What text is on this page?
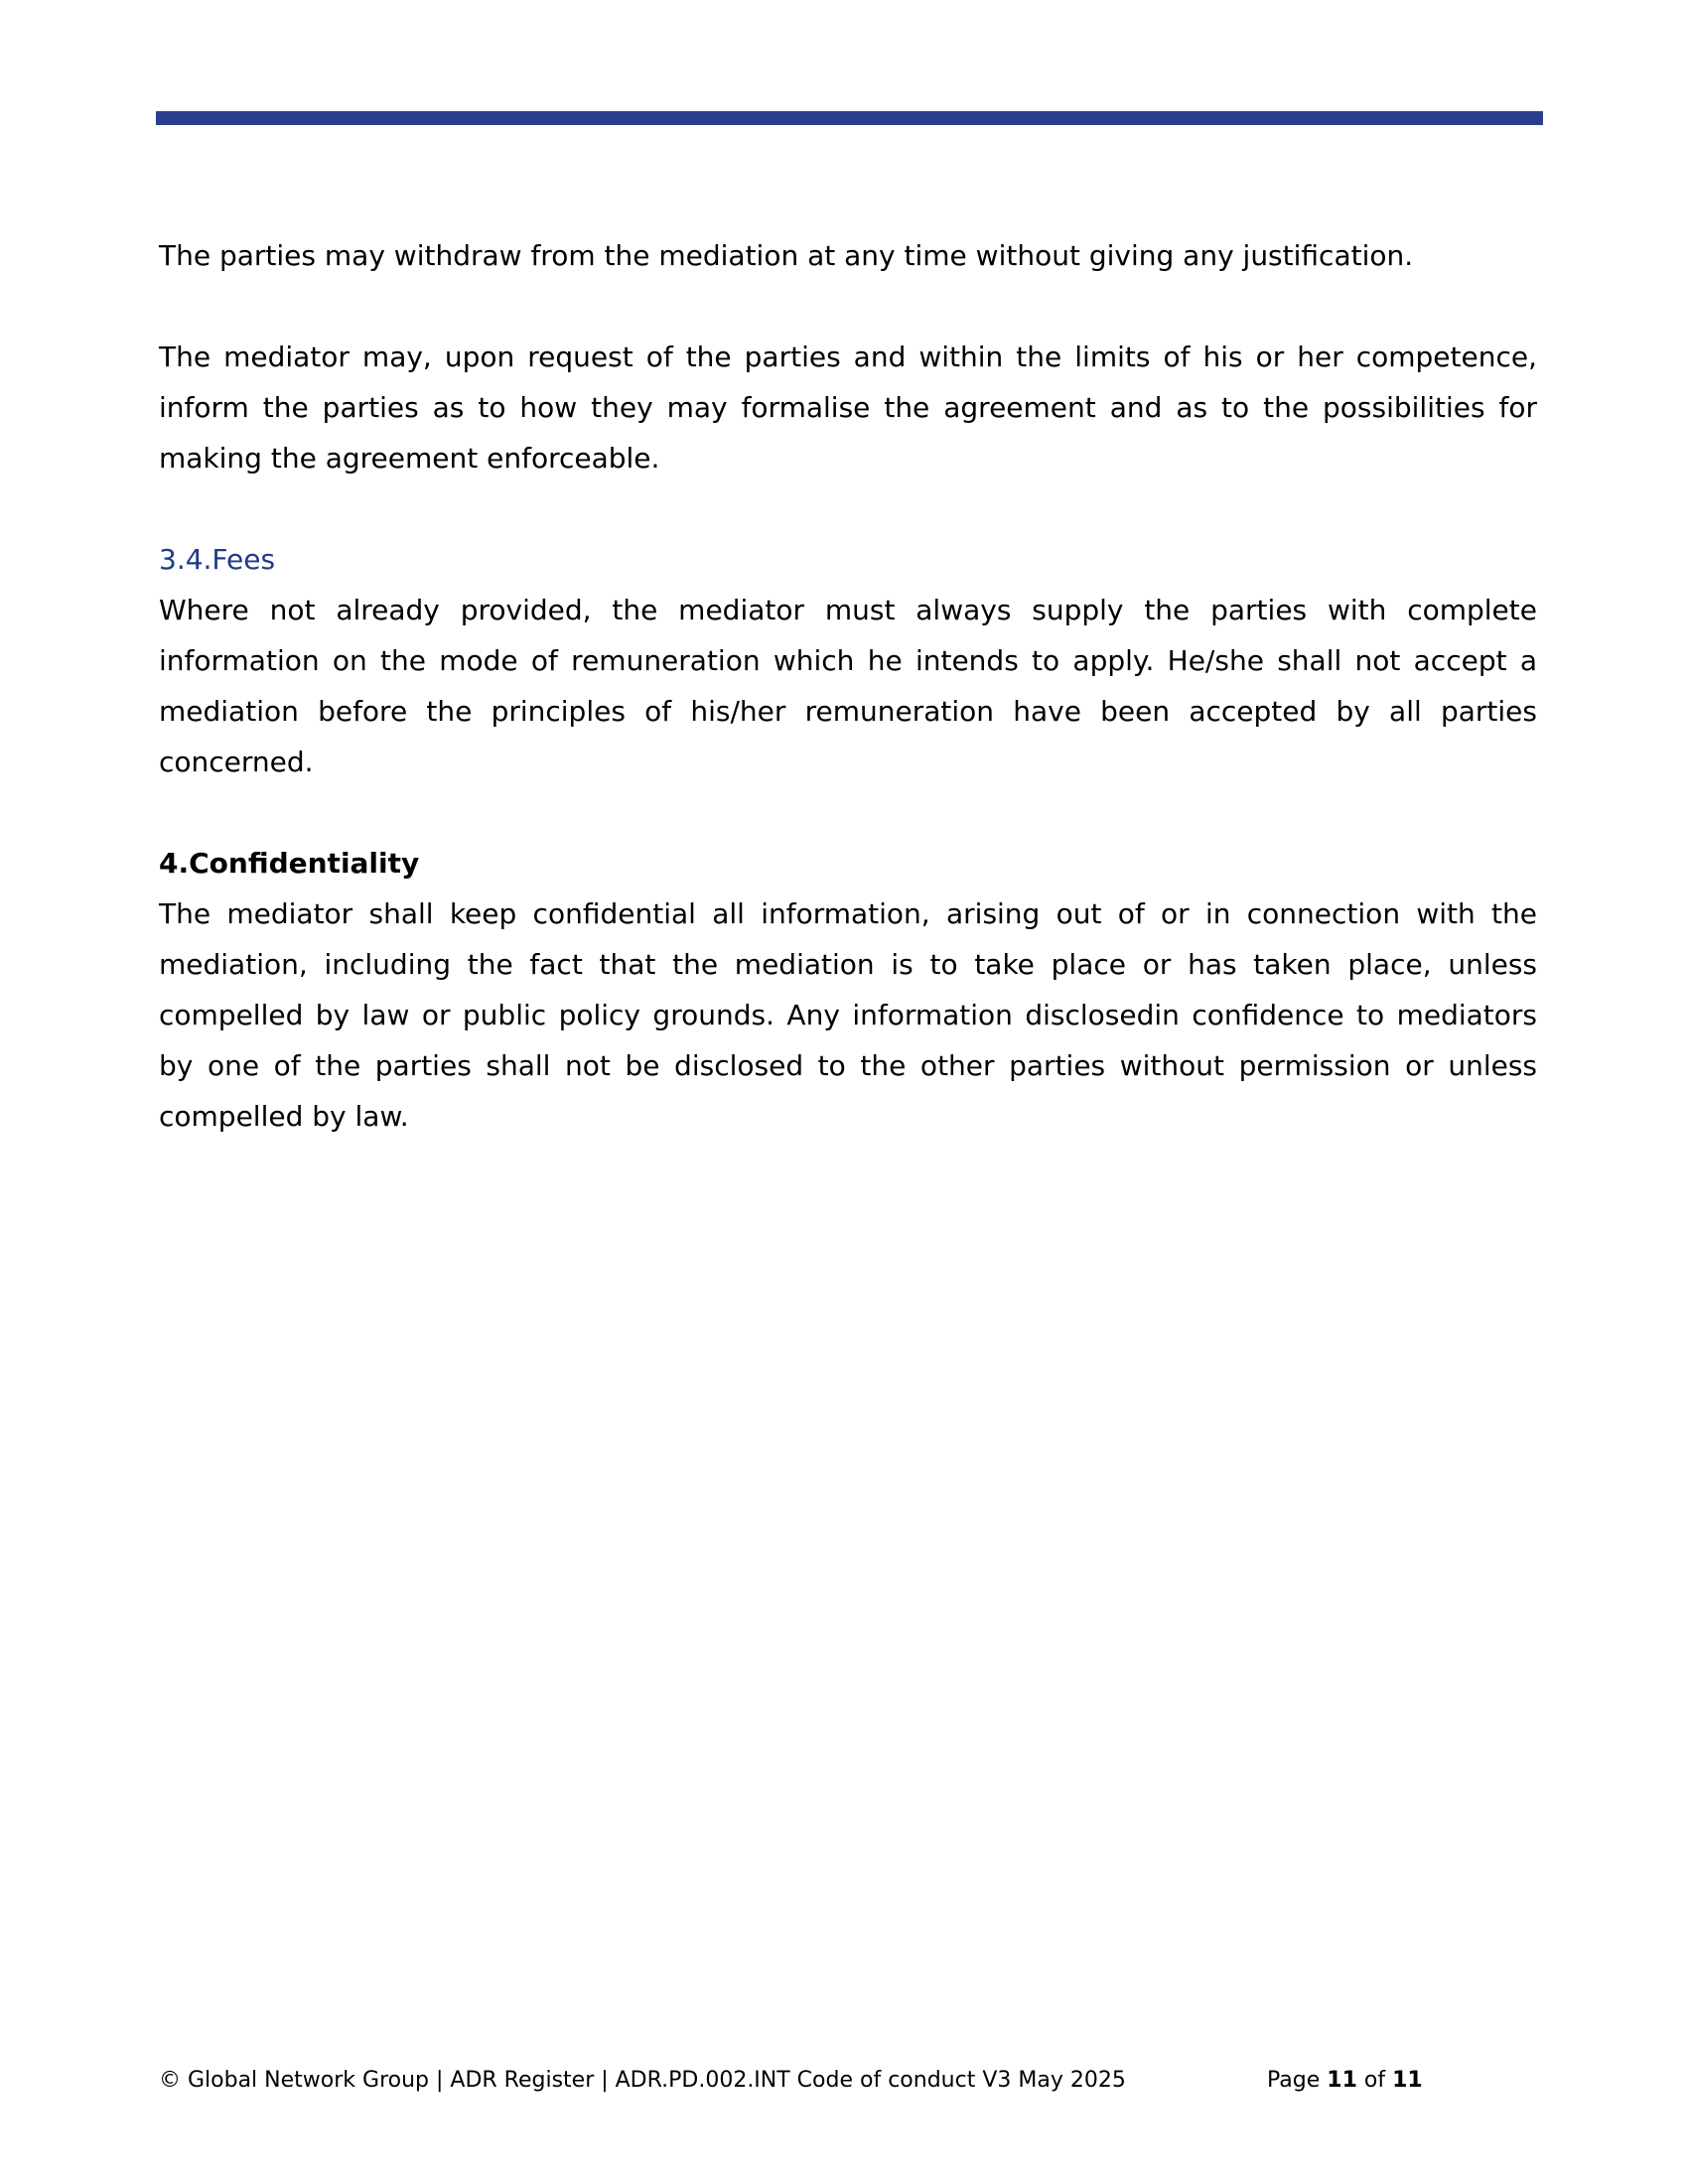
The parties may withdraw from the mediation at any time without giving any justification.

The mediator may, upon request of the parties and within the limits of his or her competence, inform the parties as to how they may formalise the agreement and as to the possibilities for making the agreement enforceable.

3.4.Fees

Where not already provided, the mediator must always supply the parties with complete information on the mode of remuneration which he intends to apply. He/she shall not accept a mediation before the principles of his/her remuneration have been accepted by all parties concerned.

4.Confidentiality

The mediator shall keep confidential all information, arising out of or in connection with the mediation, including the fact that the mediation is to take place or has taken place, unless compelled by law or public policy grounds. Any information disclosedin confidence to mediators by one of the parties shall not be disclosed to the other parties without permission or unless compelled by law.

© Global Network Group | ADR Register | ADR.PD.002.INT Code of conduct V3 May 2025	Page 11 of 11
